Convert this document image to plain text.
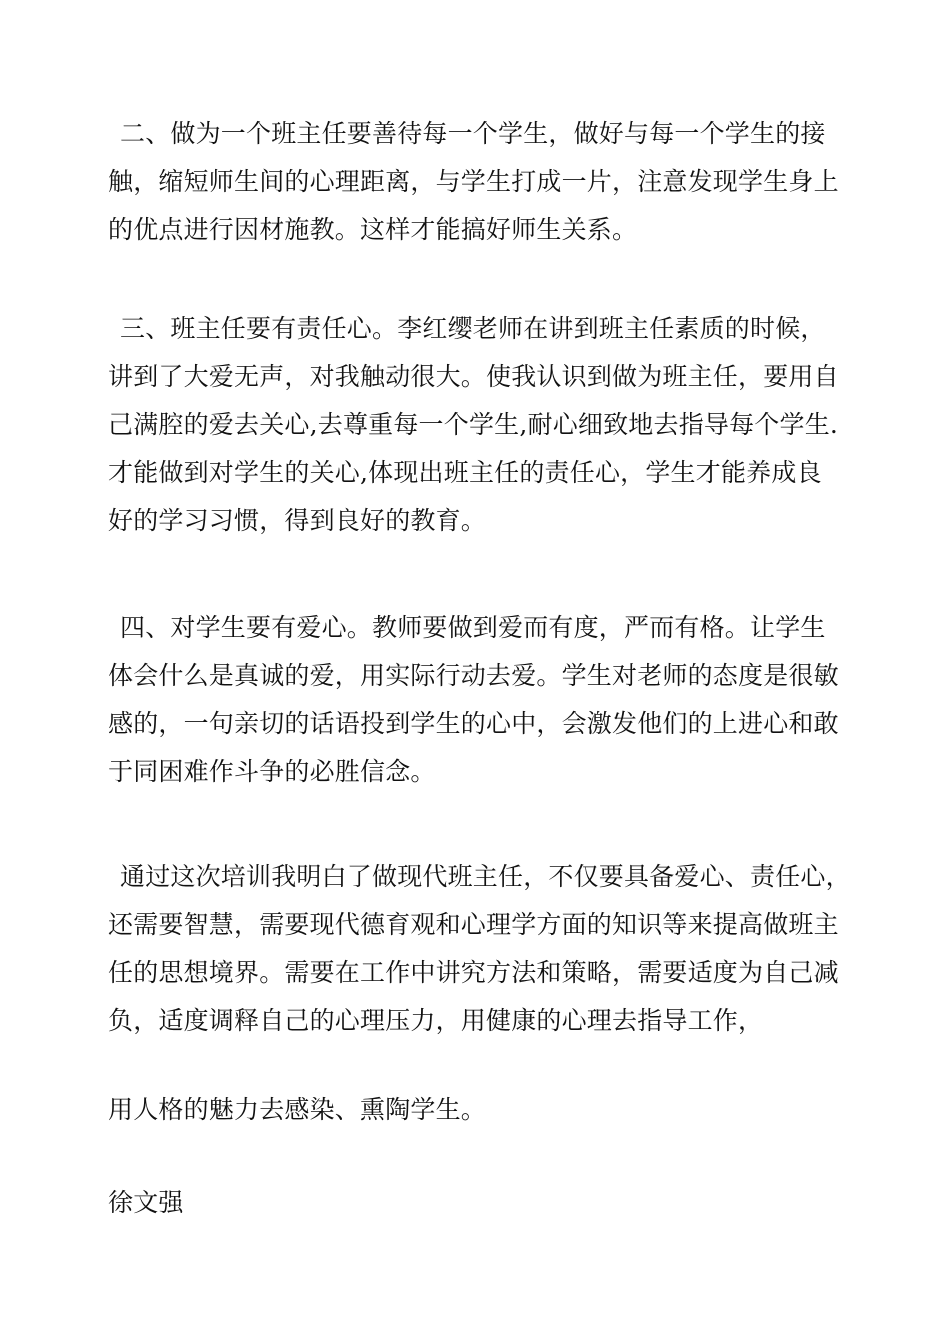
二、做为一个班主任要善待每一个学生，做好与每一个学生的接
触，缩短师生间的心理距离，与学生打成一片，注意发现学生身上
的优点进行因材施教。这样才能搞好师生关系。
三、班主任要有责任心。李红缨老师在讲到班主任素质的时候，
讲到了大爱无声，对我触动很大。使我认识到做为班主任，要用自
己满腔的爱去关心,去尊重每一个学生,耐心细致地去指导每个学生.
才能做到对学生的关心,体现出班主任的责任心，学生才能养成良
好的学习习惯，得到良好的教育。
四、对学生要有爱心。教师要做到爱而有度，严而有格。让学生
体会什么是真诚的爱，用实际行动去爱。学生对老师的态度是很敏
感的，一句亲切的话语投到学生的心中，会激发他们的上进心和敢
于同困难作斗争的必胜信念。
通过这次培训我明白了做现代班主任，不仅要具备爱心、责任心，
还需要智慧，需要现代德育观和心理学方面的知识等来提高做班主
任的思想境界。需要在工作中讲究方法和策略，需要适度为自己减
负，适度调释自己的心理压力，用健康的心理去指导工作，
用人格的魅力去感染、熏陶学生。
徐文强
